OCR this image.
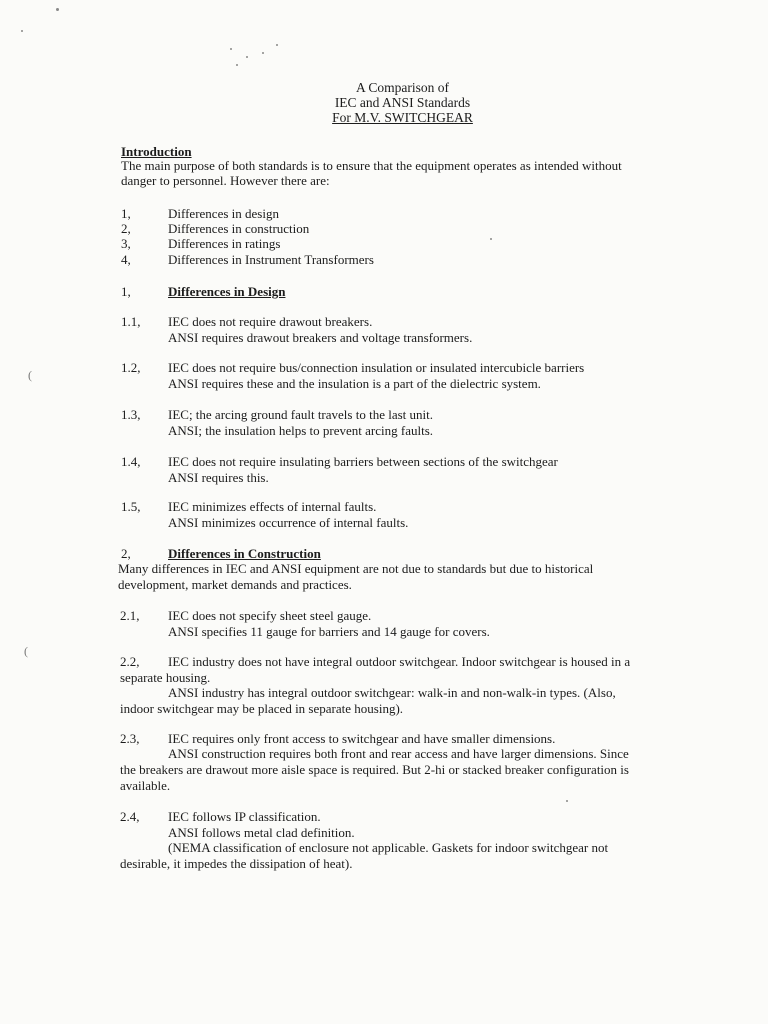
(
(
A Comparison of
IEC and ANSI Standards
For M.V. SWITCHGEAR
Introduction
The main purpose of both standards is to ensure that the equipment operates as intended without
danger to personnel. However there are:
1,	Differences in design
2,	Differences in construction
3,	Differences in ratings
4,	Differences in Instrument Transformers
1,	Differences in Design
1.1, IEC does not require drawout breakers.
ANSI requires drawout breakers and voltage transformers.
1.2, IEC does not require bus/connection insulation or insulated intercubicle barriers
ANSI requires these and the insulation is a part of the dielectric system.
1.3, IEC; the arcing ground fault travels to the last unit.
ANSI; the insulation helps to prevent arcing faults.
1.4, IEC does not require insulating barriers between sections of the switchgear
ANSI requires this.
1.5, IEC minimizes effects of internal faults.
ANSI minimizes occurrence of internal faults.
2,	Differences in Construction
Many differences in IEC and ANSI equipment are not due to standards but due to historical
development, market demands and practices.
2.1, IEC does not specify sheet steel gauge.
ANSI specifies 11 gauge for barriers and 14 gauge for covers.
2.2, IEC industry does not have integral outdoor switchgear. Indoor switchgear is housed in a
separate housing.
ANSI industry has integral outdoor switchgear: walk-in and non-walk-in types. (Also,
indoor switchgear may be placed in separate housing).
2.3, IEC requires only front access to switchgear and have smaller dimensions.
ANSI construction requires both front and rear access and have larger dimensions. Since
the breakers are drawout more aisle space is required. But 2-hi or stacked breaker configuration is
available.
2.4, IEC follows IP classification.
ANSI follows metal clad definition.
(NEMA classification of enclosure not applicable. Gaskets for indoor switchgear not
desirable, it impedes the dissipation of heat).
